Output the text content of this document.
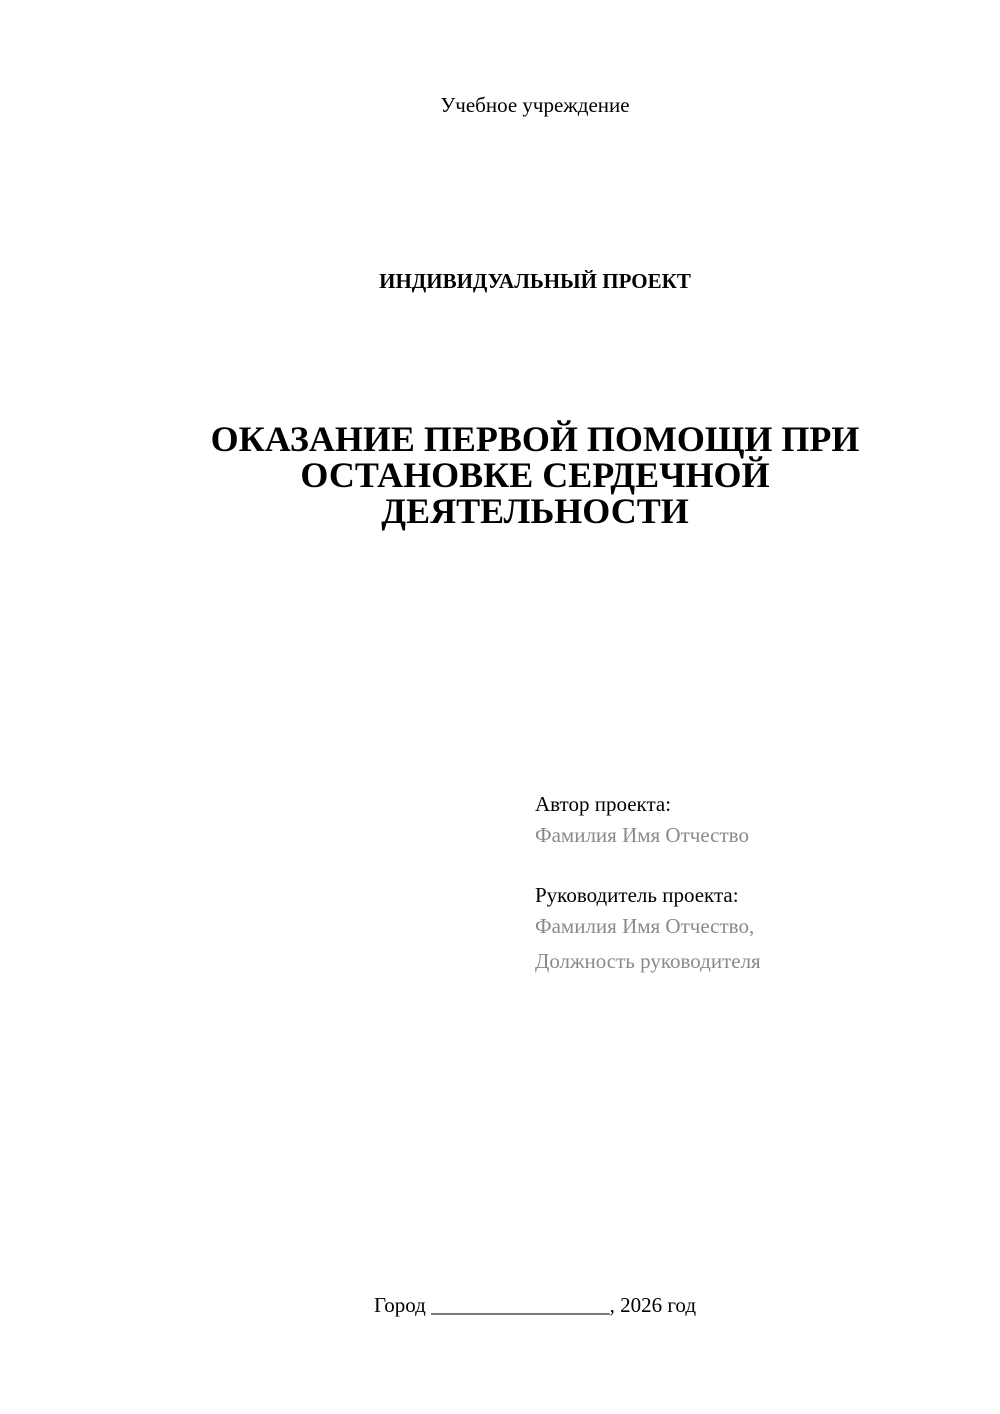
Учебное учреждение
ИНДИВИДУАЛЬНЫЙ ПРОЕКТ
ОКАЗАНИЕ ПЕРВОЙ ПОМОЩИ ПРИ
ОСТАНОВКЕ СЕРДЕЧНОЙ
ДЕЯТЕЛЬНОСТИ
Автор проекта:
Фамилия Имя Отчество
Руководитель проекта:
Фамилия Имя Отчество,
Должность руководителя
Город _________________, 2026 год
